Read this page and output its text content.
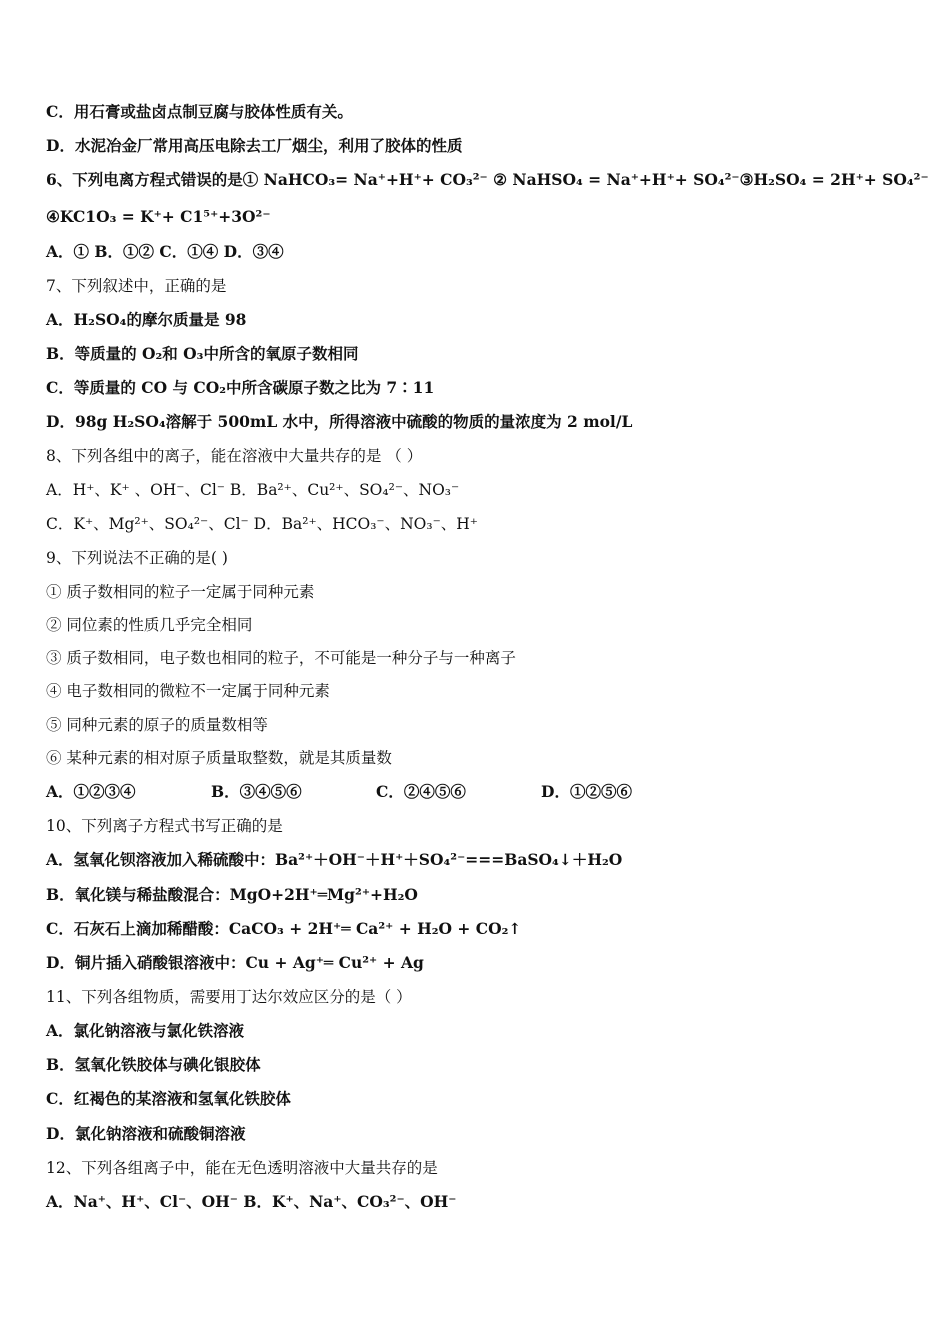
C．用石膏或盐卤点制豆腐与胶体性质有关。
D．水泥冶金厂常用高压电除去工厂烟尘，利用了胶体的性质
6、下列电离方程式错误的是① NaHCO₃= Na⁺+H⁺+ CO₃²⁻ ② NaHSO₄ = Na⁺+H⁺+ SO₄²⁻③H₂SO₄ = 2H⁺+ SO₄²⁻
④KC1O₃ = K⁺+ C1⁵⁺+3O²⁻
A．① B．①② C．①④ D．③④
7、下列叙述中，正确的是
A．H₂SO₄的摩尔质量是 98
B．等质量的 O₂和 O₃中所含的氧原子数相同
C．等质量的 CO 与 CO₂中所含碳原子数之比为 7∶11
D．98g H₂SO₄溶解于 500mL 水中，所得溶液中硫酸的物质的量浓度为 2 mol/L
8、下列各组中的离子，能在溶液中大量共存的是 （ ）
A．H⁺、K⁺ 、OH⁻、Cl⁻ B．Ba²⁺、Cu²⁺、SO₄²⁻、NO₃⁻
C．K⁺、Mg²⁺、SO₄²⁻、Cl⁻ D．Ba²⁺、HCO₃⁻、NO₃⁻、H⁺
9、下列说法不正确的是( )
① 质子数相同的粒子一定属于同种元素
② 同位素的性质几乎完全相同
③ 质子数相同，电子数也相同的粒子，不可能是一种分子与一种离子
④ 电子数相同的微粒不一定属于同种元素
⑤ 同种元素的原子的质量数相等
⑥ 某种元素的相对原子质量取整数，就是其质量数
A．①②③④	B．③④⑤⑥	C．②④⑤⑥	D．①②⑤⑥
10、下列离子方程式书写正确的是
A．氢氧化钡溶液加入稀硫酸中：Ba²⁺＋OH⁻＋H⁺＋SO₄²⁻===BaSO₄↓＋H₂O
B．氧化镁与稀盐酸混合：MgO+2H⁺═Mg²⁺+H₂O
C．石灰石上滴加稀醋酸：CaCO₃ + 2H⁺═ Ca²⁺ + H₂O + CO₂↑
D．铜片插入硝酸银溶液中：Cu + Ag⁺═ Cu²⁺ + Ag
11、下列各组物质，需要用丁达尔效应区分的是（ ）
A．氯化钠溶液与氯化铁溶液
B．氢氧化铁胶体与碘化银胶体
C．红褐色的某溶液和氢氧化铁胶体
D．氯化钠溶液和硫酸铜溶液
12、下列各组离子中，能在无色透明溶液中大量共存的是
A．Na⁺、H⁺、Cl⁻、OH⁻ B．K⁺、Na⁺、CO₃²⁻、OH⁻
